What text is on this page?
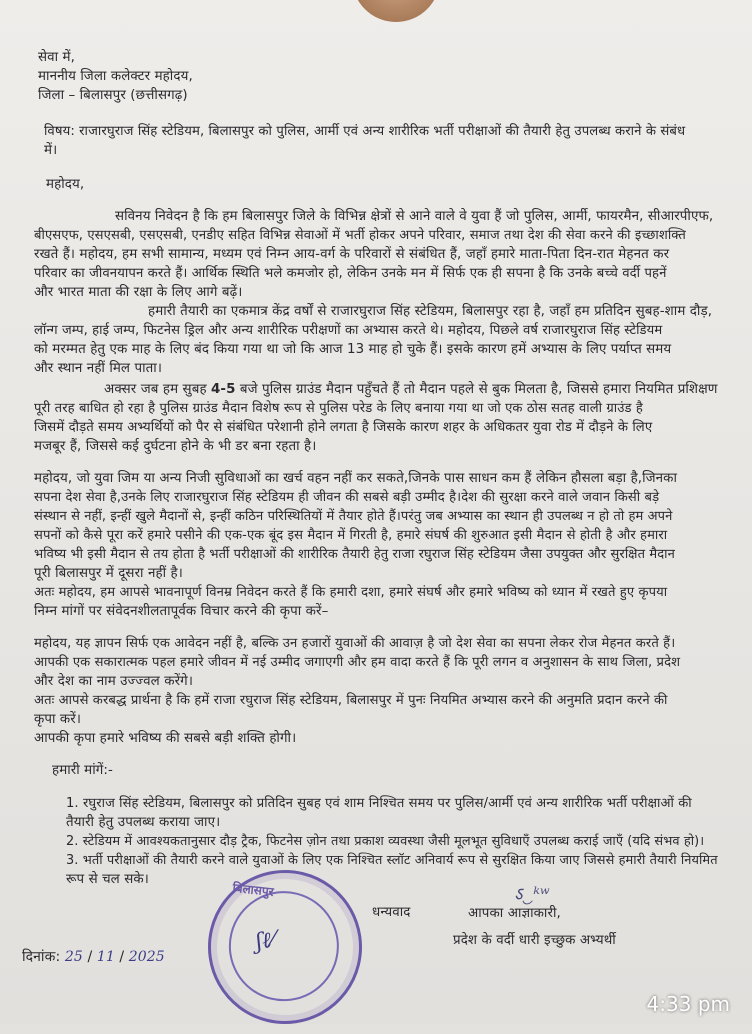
सेवा में,
माननीय जिला कलेक्टर महोदय,
जिला – बिलासपुर (छत्तीसगढ़)
विषय: राजारघुराज सिंह स्टेडियम, बिलासपुर को पुलिस, आर्मी एवं अन्य शारीरिक भर्ती परीक्षाओं की तैयारी हेतु उपलब्ध कराने के संबंध
में।
महोदय,
सविनय निवेदन है कि हम बिलासपुर जिले के विभिन्न क्षेत्रों से आने वाले वे युवा हैं जो पुलिस, आर्मी, फायरमैन, सीआरपीएफ,
बीएसएफ, एसएसबी, एसएसबी, एनडीए सहित विभिन्न सेवाओं में भर्ती होकर अपने परिवार, समाज तथा देश की सेवा करने की इच्छाशक्ति
रखते हैं। महोदय, हम सभी सामान्य, मध्यम एवं निम्न आय-वर्ग के परिवारों से संबंधित हैं, जहाँ हमारे माता-पिता दिन-रात मेहनत कर
परिवार का जीवनयापन करते हैं। आर्थिक स्थिति भले कमजोर हो, लेकिन उनके मन में सिर्फ एक ही सपना है कि उनके बच्चे वर्दी पहनें
और भारत माता की रक्षा के लिए आगे बढ़ें।
हमारी तैयारी का एकमात्र केंद्र वर्षों से राजारघुराज सिंह स्टेडियम, बिलासपुर रहा है, जहाँ हम प्रतिदिन सुबह-शाम दौड़,
लॉन्ग जम्प, हाई जम्प, फिटनेस ड्रिल और अन्य शारीरिक परीक्षणों का अभ्यास करते थे। महोदय, पिछले वर्ष राजारघुराज सिंह स्टेडियम
को मरम्मत हेतु एक माह के लिए बंद किया गया था जो कि आज 13 माह हो चुके हैं। इसके कारण हमें अभ्यास के लिए पर्याप्त समय
और स्थान नहीं मिल पाता।
अक्सर जब हम सुबह 4-5 बजे पुलिस ग्राउंड मैदान पहुँचते हैं तो मैदान पहले से बुक मिलता है, जिससे हमारा नियमित प्रशिक्षण
पूरी तरह बाधित हो रहा है पुलिस ग्राउंड मैदान विशेष रूप से पुलिस परेड के लिए बनाया गया था जो एक ठोस सतह वाली ग्राउंड है
जिसमें दौड़ते समय अभ्यर्थियों को पैर से संबंधित परेशानी होने लगता है जिसके कारण शहर के अधिकतर युवा रोड में दौड़ने के लिए
मजबूर हैं, जिससे कई दुर्घटना होने के भी डर बना रहता है।
महोदय, जो युवा जिम या अन्य निजी सुविधाओं का खर्च वहन नहीं कर सकते,जिनके पास साधन कम हैं लेकिन हौसला बड़ा है,जिनका
सपना देश सेवा है,उनके लिए राजारघुराज सिंह स्टेडियम ही जीवन की सबसे बड़ी उम्मीद है।देश की सुरक्षा करने वाले जवान किसी बड़े
संस्थान से नहीं, इन्हीं खुले मैदानों से, इन्हीं कठिन परिस्थितियों में तैयार होते हैं।परंतु जब अभ्यास का स्थान ही उपलब्ध न हो तो हम अपने
सपनों को कैसे पूरा करें हमारे पसीने की एक-एक बूंद इस मैदान में गिरती है, हमारे संघर्ष की शुरुआत इसी मैदान से होती है और हमारा
भविष्य भी इसी मैदान से तय होता है भर्ती परीक्षाओं की शारीरिक तैयारी हेतु राजा रघुराज सिंह स्टेडियम जैसा उपयुक्त और सुरक्षित मैदान
पूरी बिलासपुर में दूसरा नहीं है।
अतः महोदय, हम आपसे भावनापूर्ण विनम्र निवेदन करते हैं कि हमारी दशा, हमारे संघर्ष और हमारे भविष्य को ध्यान में रखते हुए कृपया
निम्न मांगों पर संवेदनशीलतापूर्वक विचार करने की कृपा करें–
महोदय, यह ज्ञापन सिर्फ एक आवेदन नहीं है, बल्कि उन हजारों युवाओं की आवाज़ है जो देश सेवा का सपना लेकर रोज मेहनत करते हैं।
आपकी एक सकारात्मक पहल हमारे जीवन में नई उम्मीद जगाएगी और हम वादा करते हैं कि पूरी लगन व अनुशासन के साथ जिला, प्रदेश
और देश का नाम उज्ज्वल करेंगे।
अतः आपसे करबद्ध प्रार्थना है कि हमें राजा रघुराज सिंह स्टेडियम, बिलासपुर में पुनः नियमित अभ्यास करने की अनुमति प्रदान करने की
कृपा करें।
आपकी कृपा हमारे भविष्य की सबसे बड़ी शक्ति होगी।
हमारी मांगें:-
1. रघुराज सिंह स्टेडियम, बिलासपुर को प्रतिदिन सुबह एवं शाम निश्चित समय पर पुलिस/आर्मी एवं अन्य शारीरिक भर्ती परीक्षाओं की
तैयारी हेतु उपलब्ध कराया जाए।
2. स्टेडियम में आवश्यकतानुसार दौड़ ट्रैक, फिटनेस ज़ोन तथा प्रकाश व्यवस्था जैसी मूलभूत सुविधाएँ उपलब्ध कराई जाएँ (यदि संभव हो)।
3. भर्ती परीक्षाओं की तैयारी करने वाले युवाओं के लिए एक निश्चित स्लॉट अनिवार्य रूप से सुरक्षित किया जाए जिससे हमारी तैयारी नियमित
रूप से चल सके।
धन्यवाद
ऽ‿ᵏʷ
आपका आज्ञाकारी,
प्रदेश के वर्दी धारी इच्छुक अभ्यर्थी
दिनांक: 25 / 11 / 2025
बिलासपुर
ʃℓ⁄
4:33 pm
